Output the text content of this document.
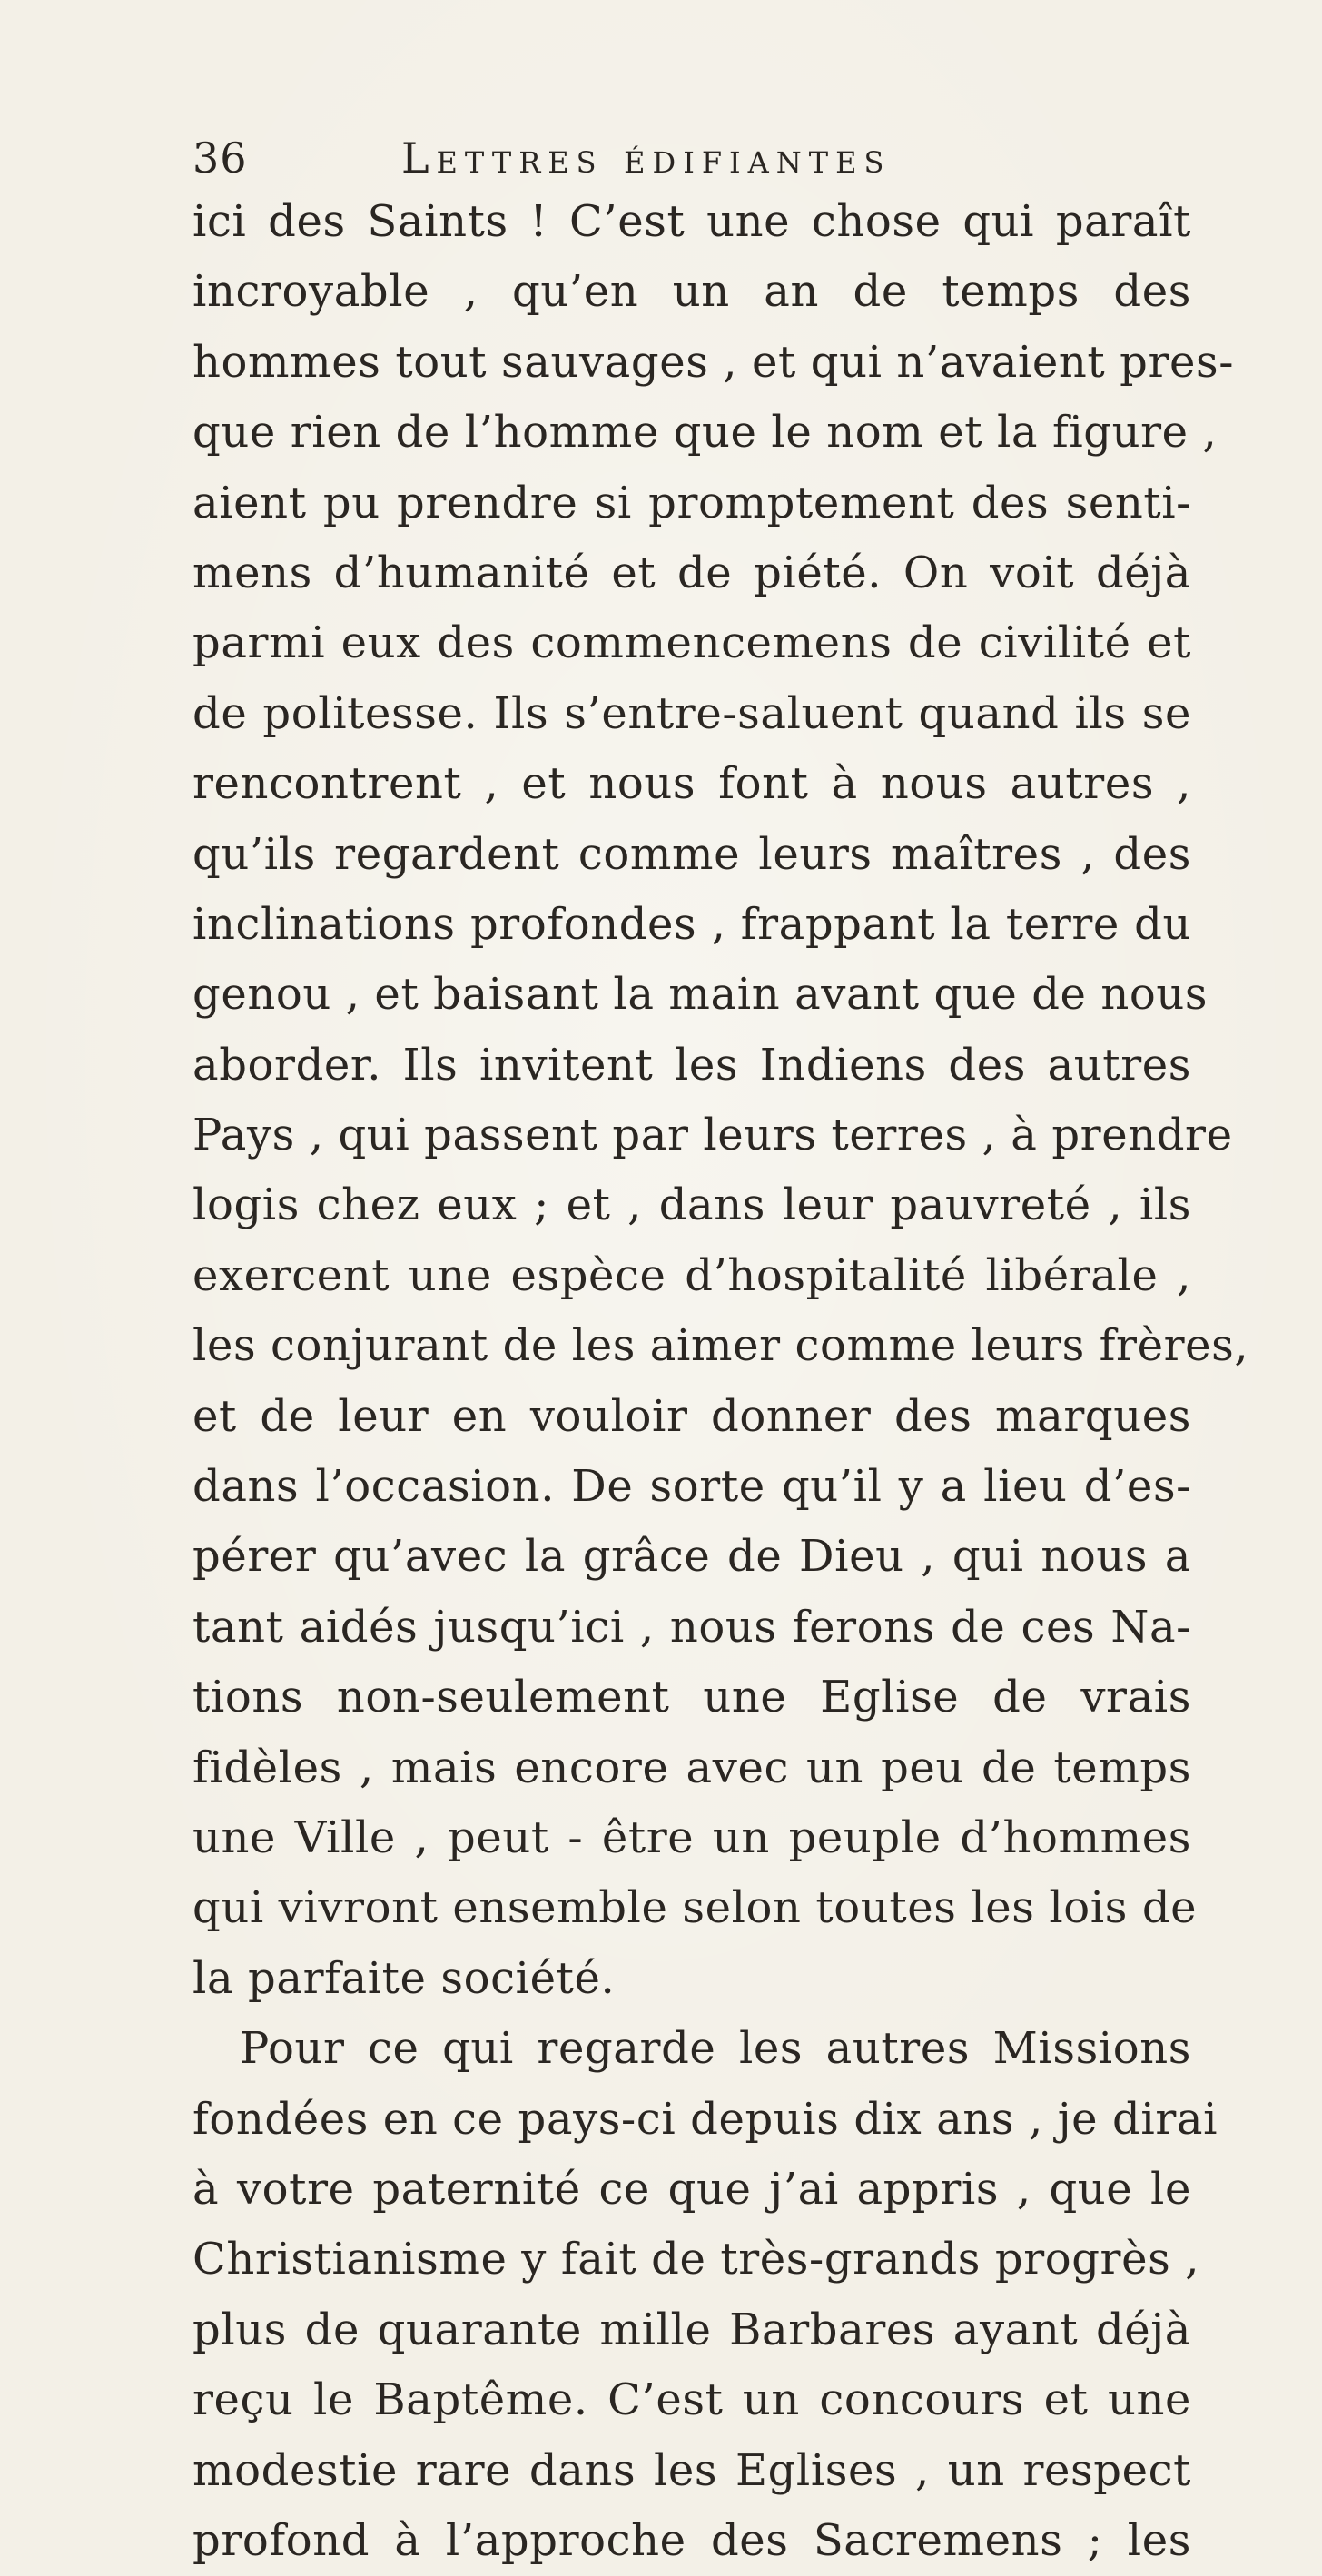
36	Lettres édifiantes
ici des Saints ! C’est une chose qui paraît
incroyable , qu’en un an de temps des
hommes tout sauvages , et qui n’avaient pres-
que rien de l’homme que le nom et la figure ,
aient pu prendre si promptement des senti-
mens d’humanité et de piété. On voit déjà
parmi eux des commencemens de civilité et
de politesse. Ils s’entre-saluent quand ils se
rencontrent , et nous font à nous autres ,
qu’ils regardent comme leurs maîtres , des
inclinations profondes , frappant la terre du
genou , et baisant la main avant que de nous
aborder. Ils invitent les Indiens des autres
Pays , qui passent par leurs terres , à prendre
logis chez eux ; et , dans leur pauvreté , ils
exercent une espèce d’hospitalité libérale ,
les conjurant de les aimer comme leurs frères,
et de leur en vouloir donner des marques
dans l’occasion. De sorte qu’il y a lieu d’es-
pérer qu’avec la grâce de Dieu , qui nous a
tant aidés jusqu’ici , nous ferons de ces Na-
tions non-seulement une Eglise de vrais
fidèles , mais encore avec un peu de temps
une Ville , peut - être un peuple d’hommes
qui vivront ensemble selon toutes les lois de
la parfaite société.
Pour ce qui regarde les autres Missions
fondées en ce pays-ci depuis dix ans , je dirai
à votre paternité ce que j’ai appris , que le
Christianisme y fait de très-grands progrès ,
plus de quarante mille Barbares ayant déjà
reçu le Baptême. C’est un concours et une
modestie rare dans les Eglises , un respect
profond à l’approche des Sacremens ; les
